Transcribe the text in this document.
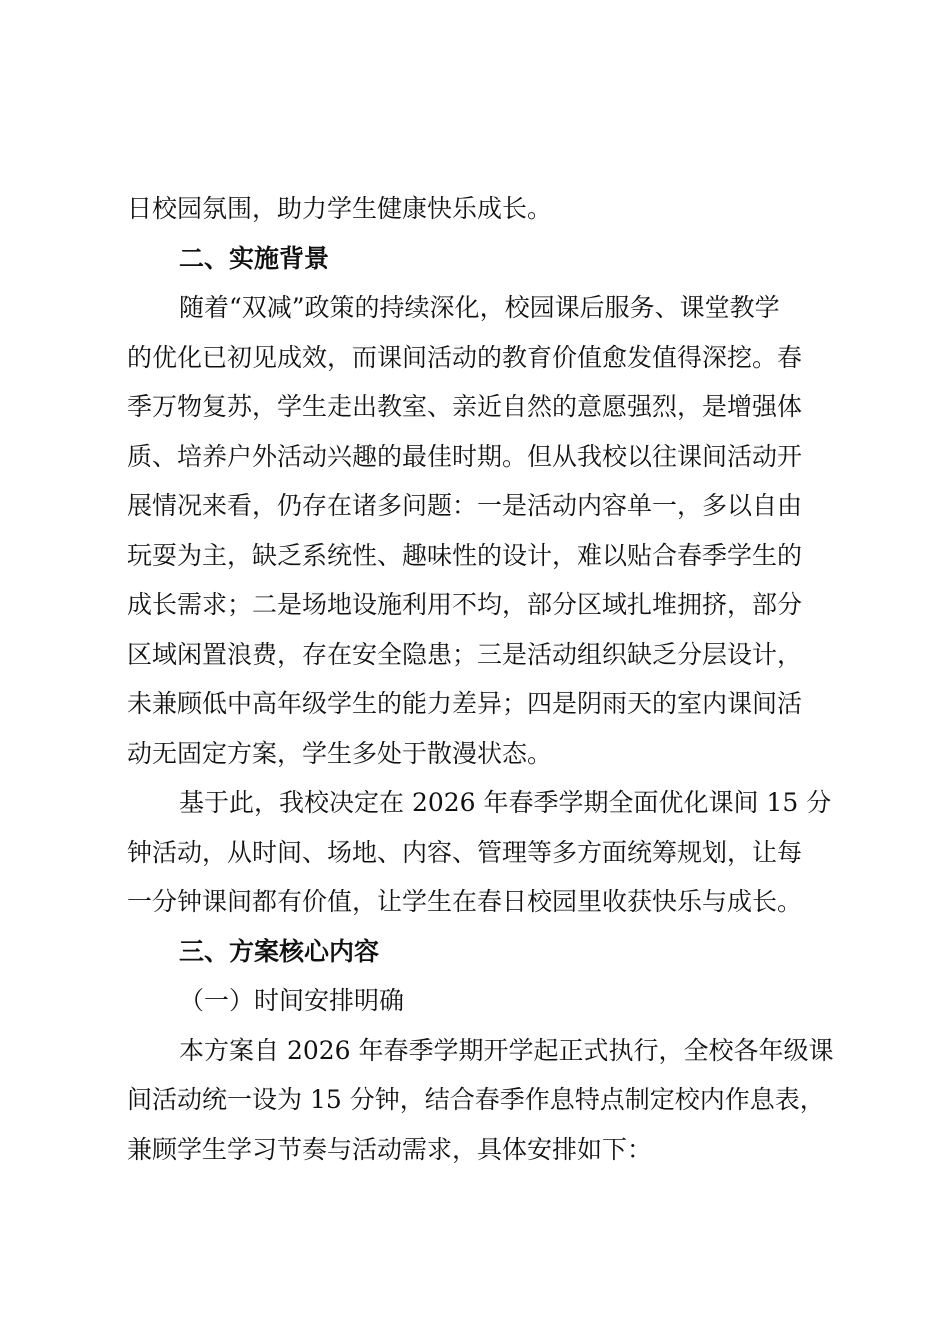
日校园氛围，助力学生健康快乐成长。
二、实施背景
随着“双减”政策的持续深化，校园课后服务、课堂教学
的优化已初见成效，而课间活动的教育价值愈发值得深挖。春
季万物复苏，学生走出教室、亲近自然的意愿强烈，是增强体
质、培养户外活动兴趣的最佳时期。但从我校以往课间活动开
展情况来看，仍存在诸多问题：一是活动内容单一，多以自由
玩耍为主，缺乏系统性、趣味性的设计，难以贴合春季学生的
成长需求；二是场地设施利用不均，部分区域扎堆拥挤，部分
区域闲置浪费，存在安全隐患；三是活动组织缺乏分层设计，
未兼顾低中高年级学生的能力差异；四是阴雨天的室内课间活
动无固定方案，学生多处于散漫状态。
基于此，我校决定在 2026 年春季学期全面优化课间 15 分
钟活动，从时间、场地、内容、管理等多方面统筹规划，让每
一分钟课间都有价值，让学生在春日校园里收获快乐与成长。
三、方案核心内容
（一）时间安排明确
本方案自 2026 年春季学期开学起正式执行，全校各年级课
间活动统一设为 15 分钟，结合春季作息特点制定校内作息表，
兼顾学生学习节奏与活动需求，具体安排如下：
